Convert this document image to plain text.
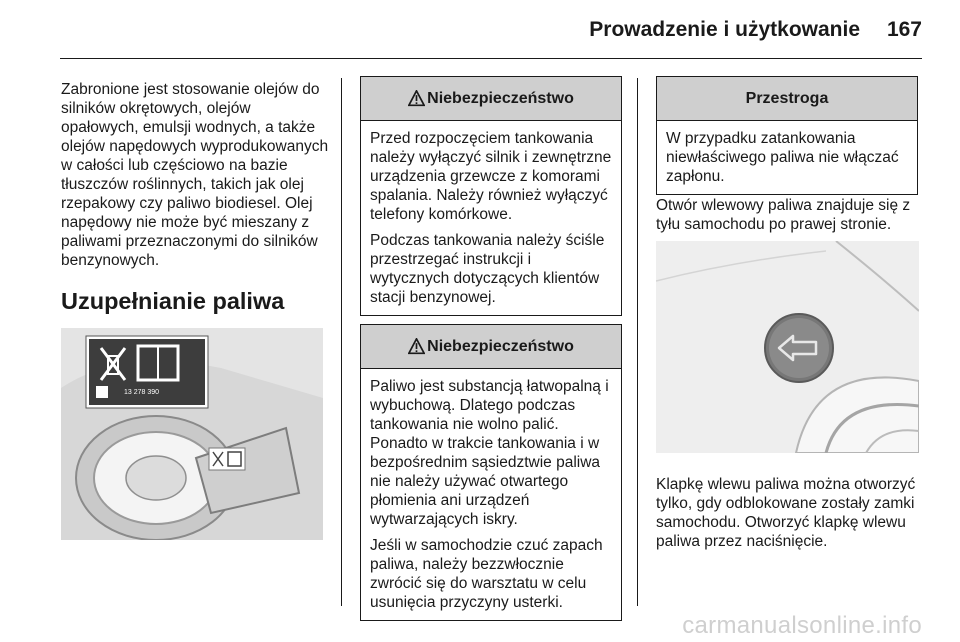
Prowadzenie i użytkowanie 167

Zabronione jest stosowanie olejów do silników okrętowych, olejów opałowych, emulsji wodnych, a także olejów napędowych wyprodukowanych w całości lub częściowo na bazie tłuszczów roślinnych, takich jak olej rzepakowy czy paliwo biodiesel. Olej napędowy nie może być mieszany z paliwami przeznaczonymi do silników benzynowych.

Uzupełnianie paliwa

13 278 390
Niebezpieczeństwo

Przed rozpoczęciem tankowania należy wyłączyć silnik i zewnętrzne urządzenia grzewcze z komorami spalania. Należy również wyłączyć telefony komórkowe.

Podczas tankowania należy ściśle przestrzegać instrukcji i wytycznych dotyczących klientów stacji benzynowej.

Niebezpieczeństwo

Paliwo jest substancją łatwopalną i wybuchową. Dlatego podczas tankowania nie wolno palić. Ponadto w trakcie tankowania i w bezpośrednim sąsiedztwie paliwa nie należy używać otwartego płomienia ani urządzeń wytwarzających iskry.

Jeśli w samochodzie czuć zapach paliwa, należy bezzwłocznie zwrócić się do warsztatu w celu usunięcia przyczyny usterki.

Przestroga

W przypadku zatankowania niewłaściwego paliwa nie włączać zapłonu.

Otwór wlewowy paliwa znajduje się z tyłu samochodu po prawej stronie.

Klapkę wlewu paliwa można otworzyć tylko, gdy odblokowane zostały zamki samochodu. Otworzyć klapkę wlewu paliwa przez naciśnięcie.

carmanualsonline.info
